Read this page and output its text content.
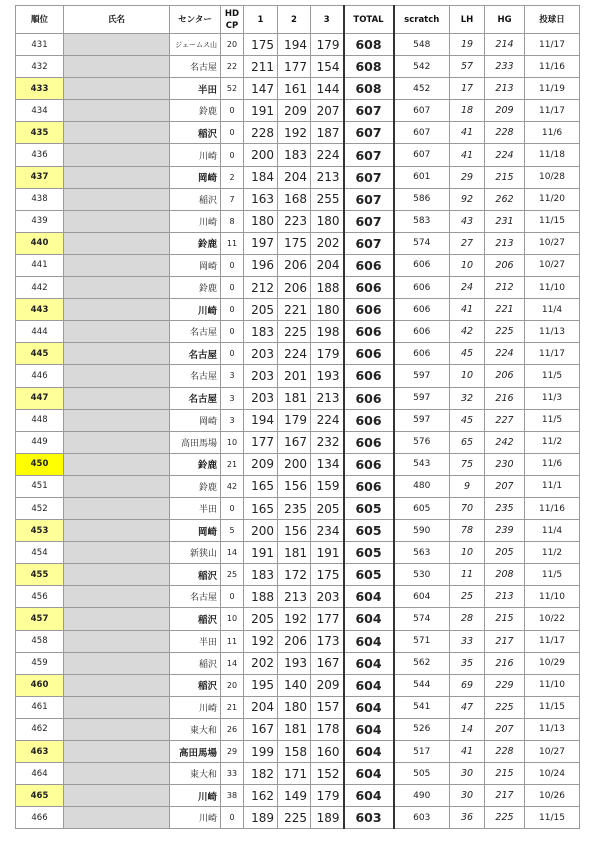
順位	氏名	センター	HD
CP	1	2	3	TOTAL	scratch	LH	HG	投球日
431		ジェームス山	20	175	194	179	608	548	19	214	11/17
432		名古屋	22	211	177	154	608	542	57	233	11/16
433		半田	52	147	161	144	608	452	17	213	11/19
434		鈴鹿	0	191	209	207	607	607	18	209	11/17
435		稲沢	0	228	192	187	607	607	41	228	11/6
436		川崎	0	200	183	224	607	607	41	224	11/18
437		岡崎	2	184	204	213	607	601	29	215	10/28
438		稲沢	7	163	168	255	607	586	92	262	11/20
439		川崎	8	180	223	180	607	583	43	231	11/15
440		鈴鹿	11	197	175	202	607	574	27	213	10/27
441		岡崎	0	196	206	204	606	606	10	206	10/27
442		鈴鹿	0	212	206	188	606	606	24	212	11/10
443		川崎	0	205	221	180	606	606	41	221	11/4
444		名古屋	0	183	225	198	606	606	42	225	11/13
445		名古屋	0	203	224	179	606	606	45	224	11/17
446		名古屋	3	203	201	193	606	597	10	206	11/5
447		名古屋	3	203	181	213	606	597	32	216	11/3
448		岡崎	3	194	179	224	606	597	45	227	11/5
449		高田馬場	10	177	167	232	606	576	65	242	11/2
450		鈴鹿	21	209	200	134	606	543	75	230	11/6
451		鈴鹿	42	165	156	159	606	480	9	207	11/1
452		半田	0	165	235	205	605	605	70	235	11/16
453		岡崎	5	200	156	234	605	590	78	239	11/4
454		新狭山	14	191	181	191	605	563	10	205	11/2
455		稲沢	25	183	172	175	605	530	11	208	11/5
456		名古屋	0	188	213	203	604	604	25	213	11/10
457		稲沢	10	205	192	177	604	574	28	215	10/22
458		半田	11	192	206	173	604	571	33	217	11/17
459		稲沢	14	202	193	167	604	562	35	216	10/29
460		稲沢	20	195	140	209	604	544	69	229	11/10
461		川崎	21	204	180	157	604	541	47	225	11/15
462		東大和	26	167	181	178	604	526	14	207	11/13
463		高田馬場	29	199	158	160	604	517	41	228	10/27
464		東大和	33	182	171	152	604	505	30	215	10/24
465		川崎	38	162	149	179	604	490	30	217	10/26
466		川崎	0	189	225	189	603	603	36	225	11/15
